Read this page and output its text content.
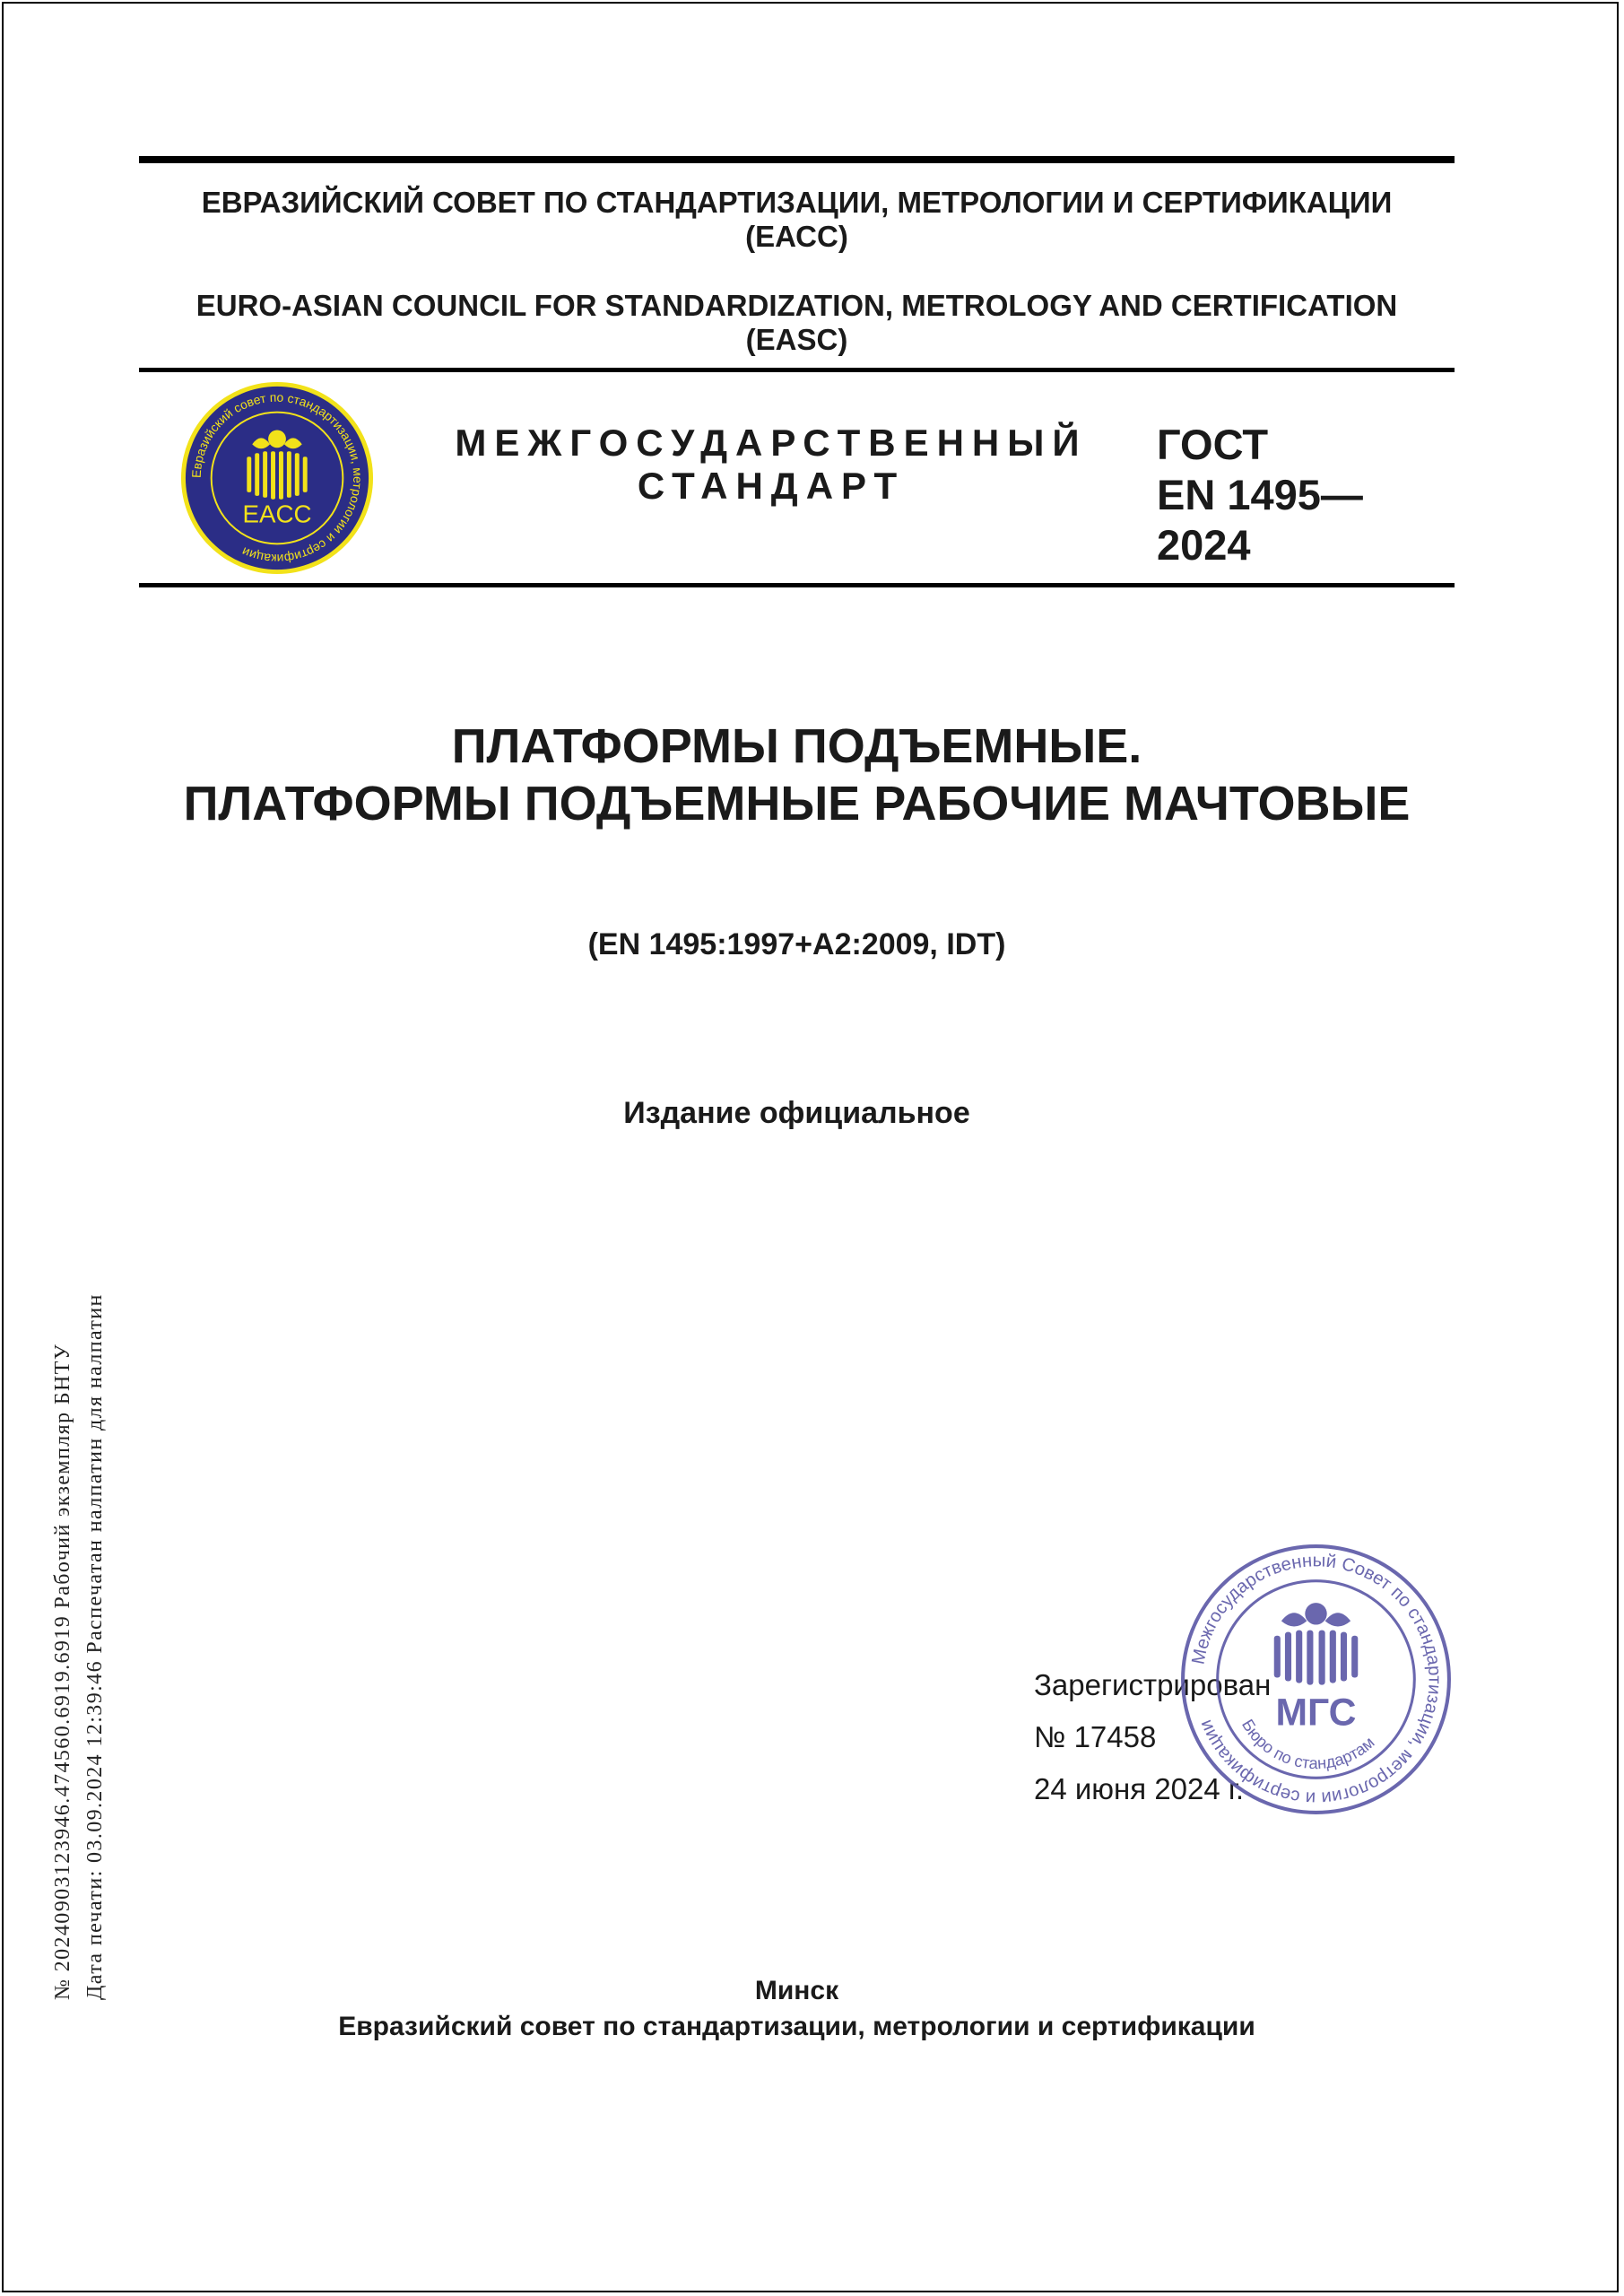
ЕВРАЗИЙСКИЙ СОВЕТ ПО СТАНДАРТИЗАЦИИ, МЕТРОЛОГИИ И СЕРТИФИКАЦИИ
(ЕАСС)
EURO-ASIAN COUNCIL FOR STANDARDIZATION, METROLOGY AND CERTIFICATION
(EASC)
Евразийский совет по стандартизации, метрологии и сертификации
EACC
МЕЖГОСУДАРСТВЕННЫЙ
СТАНДАРТ
ГОСТ
EN 1495—
2024
ПЛАТФОРМЫ ПОДЪЕМНЫЕ.
ПЛАТФОРМЫ ПОДЪЕМНЫЕ РАБОЧИЕ МАЧТОВЫЕ
(EN 1495:1997+A2:2009, IDT)
Издание официальное
Зарегистрирован
№ 17458
24 июня 2024 г.
Межгосударственный Совет по стандартизации, метрологии и сертификации	МГС
Бюро по стандартам
Минск
Евразийский совет по стандартизации, метрологии и сертификации
№ 20240903123946.474560.6919.6919 Рабочий экземпляр БНТУ Дата печати: 03.09.2024 12:39:46 Распечатан налпатин для налпатин
